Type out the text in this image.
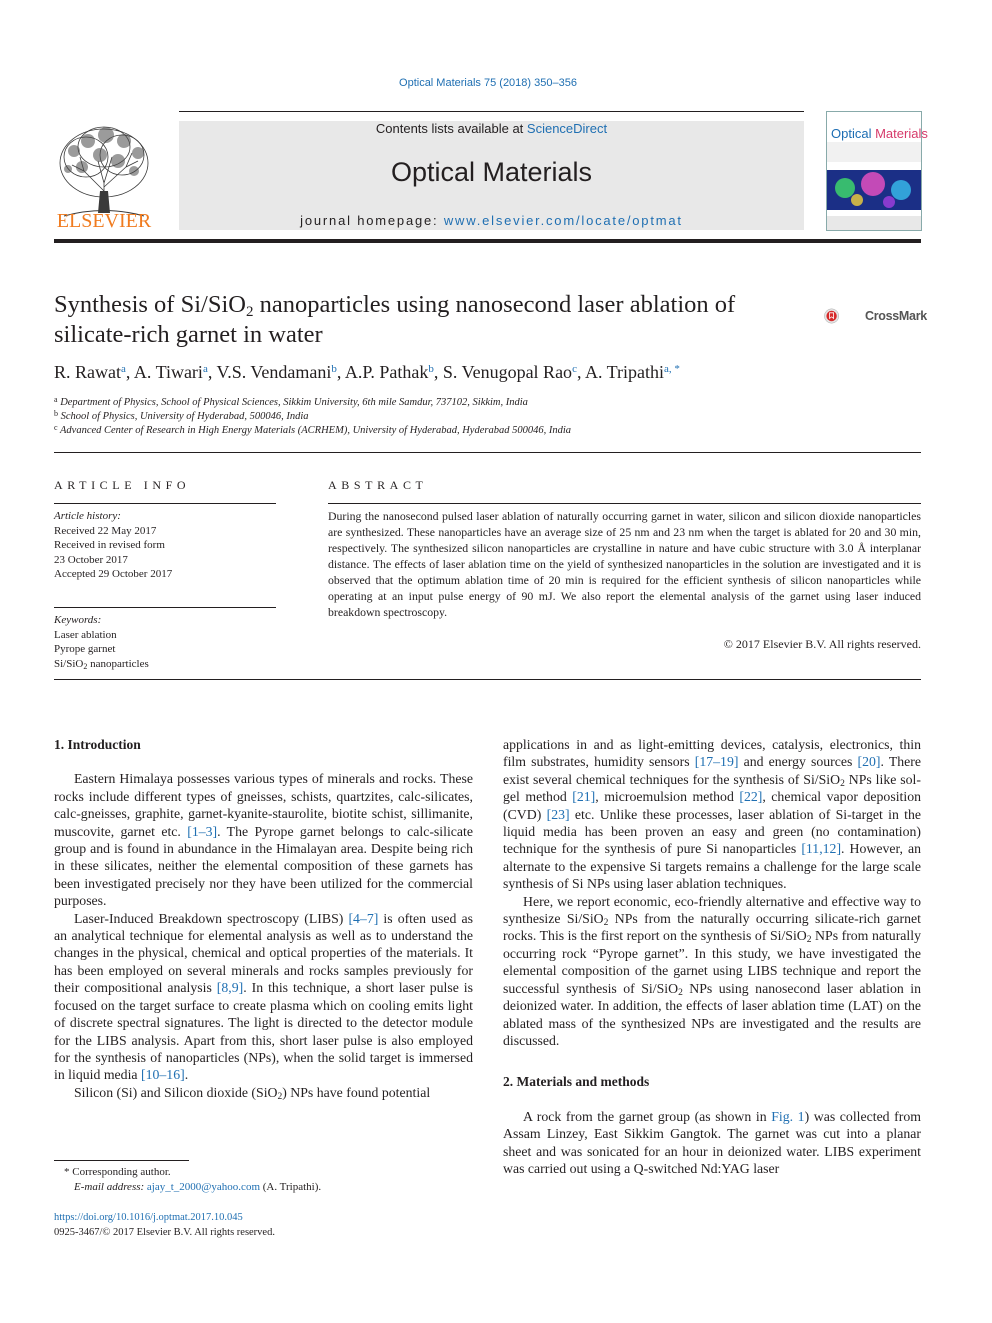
Optical Materials 75 (2018) 350–356
ELSEVIER
Contents lists available at ScienceDirect
Optical Materials
journal homepage: www.elsevier.com/locate/optmat
Optical Materials
Synthesis of Si/SiO$_2$ nanoparticles using nanosecond laser ablation of silicate-rich garnet in water
CrossMark
R. Rawat$^a$, A. Tiwari$^a$, V.S. Vendamani$^b$, A.P. Pathak$^b$, S. Venugopal Rao$^c$, A. Tripathi$^{a, *}$
$^a$ Department of Physics, School of Physical Sciences, Sikkim University, 6th mile Samdur, 737102, Sikkim, India
$^b$ School of Physics, University of Hyderabad, 500046, India
$^c$ Advanced Center of Research in High Energy Materials (ACRHEM), University of Hyderabad, Hyderabad 500046, India
ARTICLE INFO
Article history:
Received 22 May 2017
Received in revised form
23 October 2017
Accepted 29 October 2017
Keywords:
Laser ablation
Pyrope garnet
Si/SiO$_2$ nanoparticles
ABSTRACT
During the nanosecond pulsed laser ablation of naturally occurring garnet in water, silicon and silicon dioxide nanoparticles are synthesized. These nanoparticles have an average size of 25 nm and 23 nm when the target is ablated for 20 and 30 min, respectively. The synthesized silicon nanoparticles are crystalline in nature and have cubic structure with 3.0 Å interplanar distance. The effects of laser ablation time on the yield of synthesized nanoparticles in the solution are investigated and it is observed that the optimum ablation time of 20 min is required for the efficient synthesis of silicon nanoparticles while operating at an input pulse energy of 90 mJ. We also report the elemental analysis of the garnet using laser induced breakdown spectroscopy.
© 2017 Elsevier B.V. All rights reserved.
1. Introduction

Eastern Himalaya possesses various types of minerals and rocks. These rocks include different types of gneisses, schists, quartzites, calc-silicates, calc-gneisses, graphite, garnet-kyanite-staurolite, biotite schist, sillimanite, muscovite, garnet etc. [1–3]. The Pyrope garnet belongs to calc-silicate group and is found in abundance in the Himalayan area. Despite being rich in these silicates, neither the elemental composition of these garnets has been investigated precisely nor they have been utilized for the commercial purposes.

Laser-Induced Breakdown spectroscopy (LIBS) [4–7] is often used as an analytical technique for elemental analysis as well as to understand the changes in the physical, chemical and optical properties of the materials. It has been employed on several minerals and rocks samples previously for their compositional analysis [8,9]. In this technique, a short laser pulse is focused on the target surface to create plasma which on cooling emits light of discrete spectral signatures. The light is directed to the detector module for the LIBS analysis. Apart from this, short laser pulse is also employed for the synthesis of nanoparticles (NPs), when the solid target is immersed in liquid media [10–16].

Silicon (Si) and Silicon dioxide (SiO$_2$) NPs have found potential

* Corresponding author.
E-mail address: ajay_t_2000@yahoo.com (A. Tripathi).
https://doi.org/10.1016/j.optmat.2017.10.045
0925-3467/© 2017 Elsevier B.V. All rights reserved.

applications in and as light-emitting devices, catalysis, electronics, thin film substrates, humidity sensors [17–19] and energy sources [20]. There exist several chemical techniques for the synthesis of Si/SiO$_2$ NPs like sol-gel method [21], microemulsion method [22], chemical vapor deposition (CVD) [23] etc. Unlike these processes, laser ablation of Si-target in the liquid media has been proven an easy and green (no contamination) technique for the synthesis of pure Si nanoparticles [11,12]. However, an alternate to the expensive Si targets remains a challenge for the large scale synthesis of Si NPs using laser ablation techniques.

Here, we report economic, eco-friendly alternative and effective way to synthesize Si/SiO$_2$ NPs from the naturally occurring silicate-rich garnet rocks. This is the first report on the synthesis of Si/SiO$_2$ NPs from naturally occurring rock “Pyrope garnet”. In this study, we have investigated the elemental composition of the garnet using LIBS technique and report the successful synthesis of Si/SiO$_2$ NPs using nanosecond laser ablation in deionized water. In addition, the effects of laser ablation time (LAT) on the ablated mass of the synthesized NPs are investigated and the results are discussed.

2. Materials and methods

A rock from the garnet group (as shown in Fig. 1) was collected from Assam Linzey, East Sikkim Gangtok. The garnet was cut into a planar sheet and was sonicated for an hour in deionized water. LIBS experiment was carried out using a Q-switched Nd:YAG laser
